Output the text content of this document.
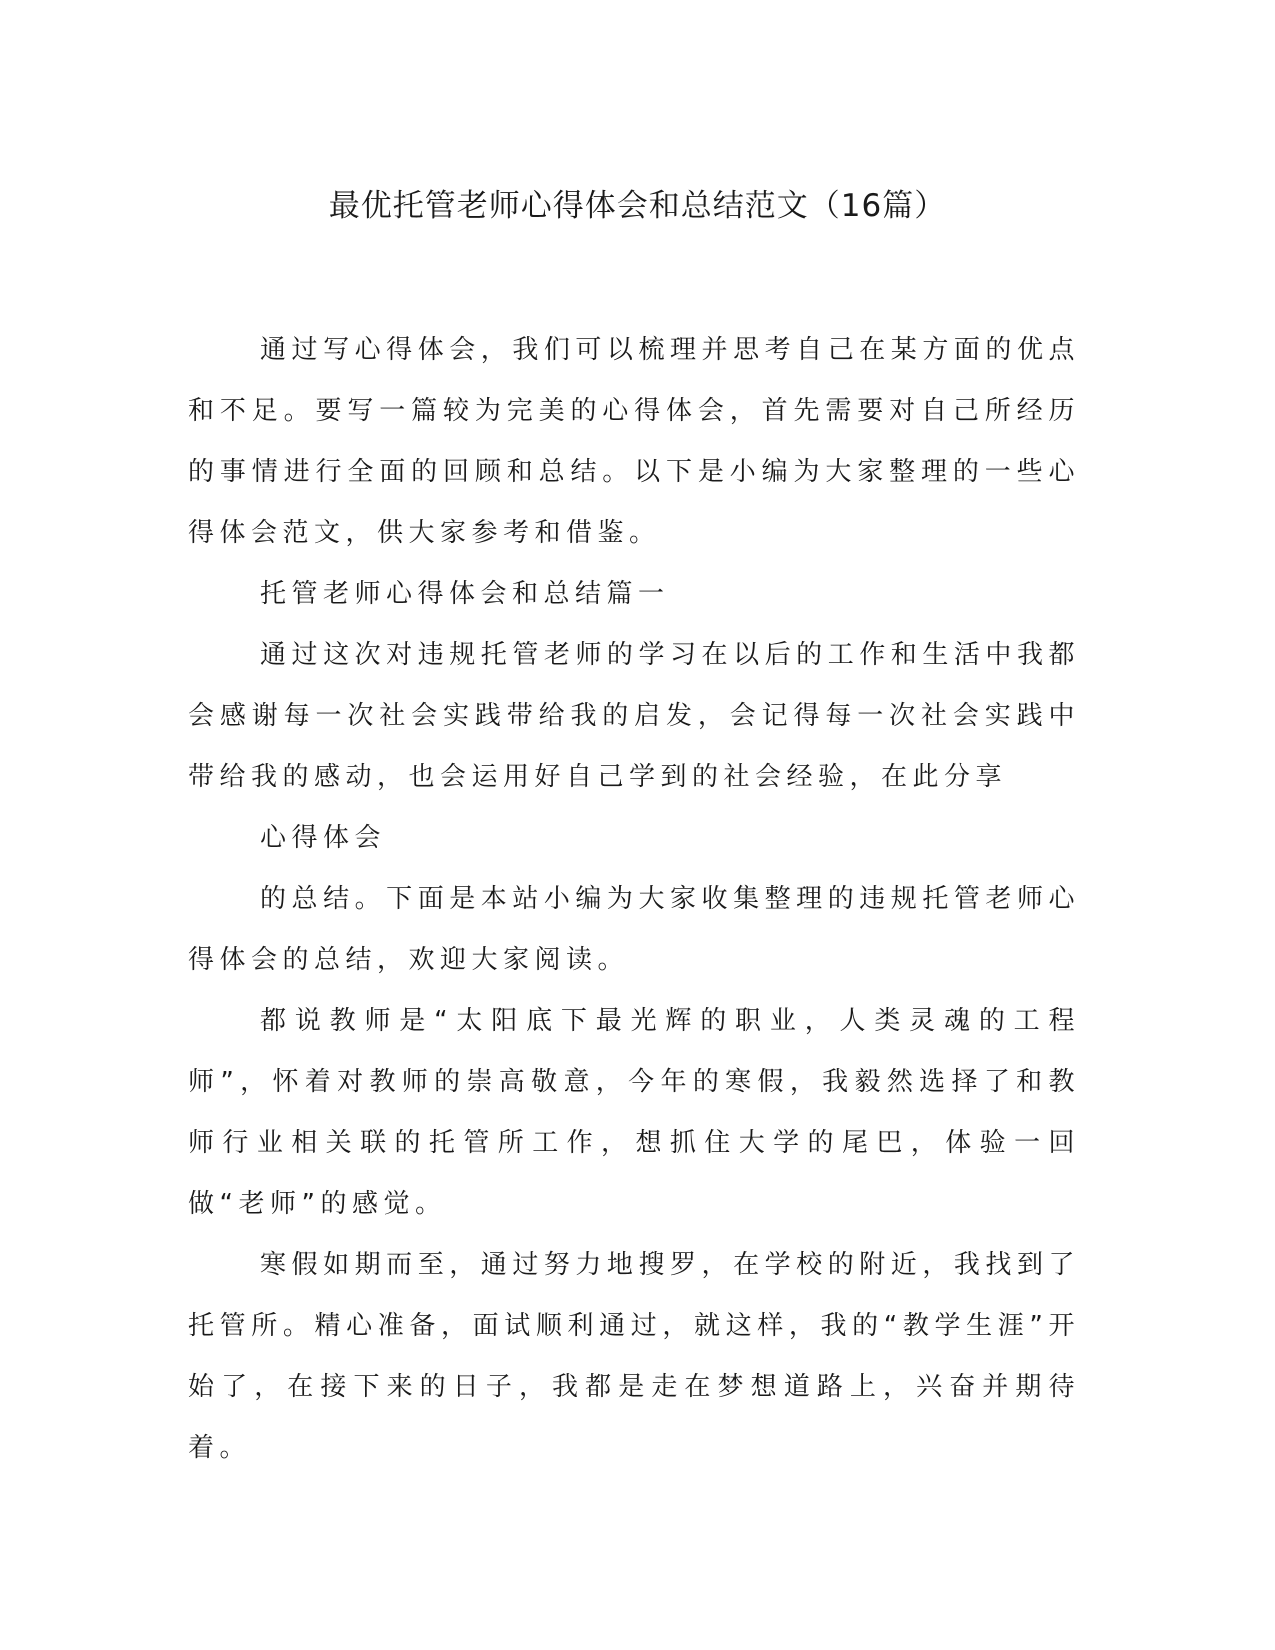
最优托管老师心得体会和总结范文（16篇）

通过写心得体会，我们可以梳理并思考自己在某方面的优点和不足。要写一篇较为完美的心得体会，首先需要对自己所经历的事情进行全面的回顾和总结。以下是小编为大家整理的一些心得体会范文，供大家参考和借鉴。

托管老师心得体会和总结篇一

通过这次对违规托管老师的学习在以后的工作和生活中我都会感谢每一次社会实践带给我的启发，会记得每一次社会实践中带给我的感动，也会运用好自己学到的社会经验，在此分享

心得体会

的总结。下面是本站小编为大家收集整理的违规托管老师心得体会的总结，欢迎大家阅读。

都说教师是“太阳底下最光辉的职业，人类灵魂的工程师”，怀着对教师的崇高敬意，今年的寒假，我毅然选择了和教师行业相关联的托管所工作，想抓住大学的尾巴，体验一回做“老师”的感觉。

寒假如期而至，通过努力地搜罗，在学校的附近，我找到了托管所。精心准备，面试顺利通过，就这样，我的“教学生涯”开始了，在接下来的日子，我都是走在梦想道路上，兴奋并期待着。
